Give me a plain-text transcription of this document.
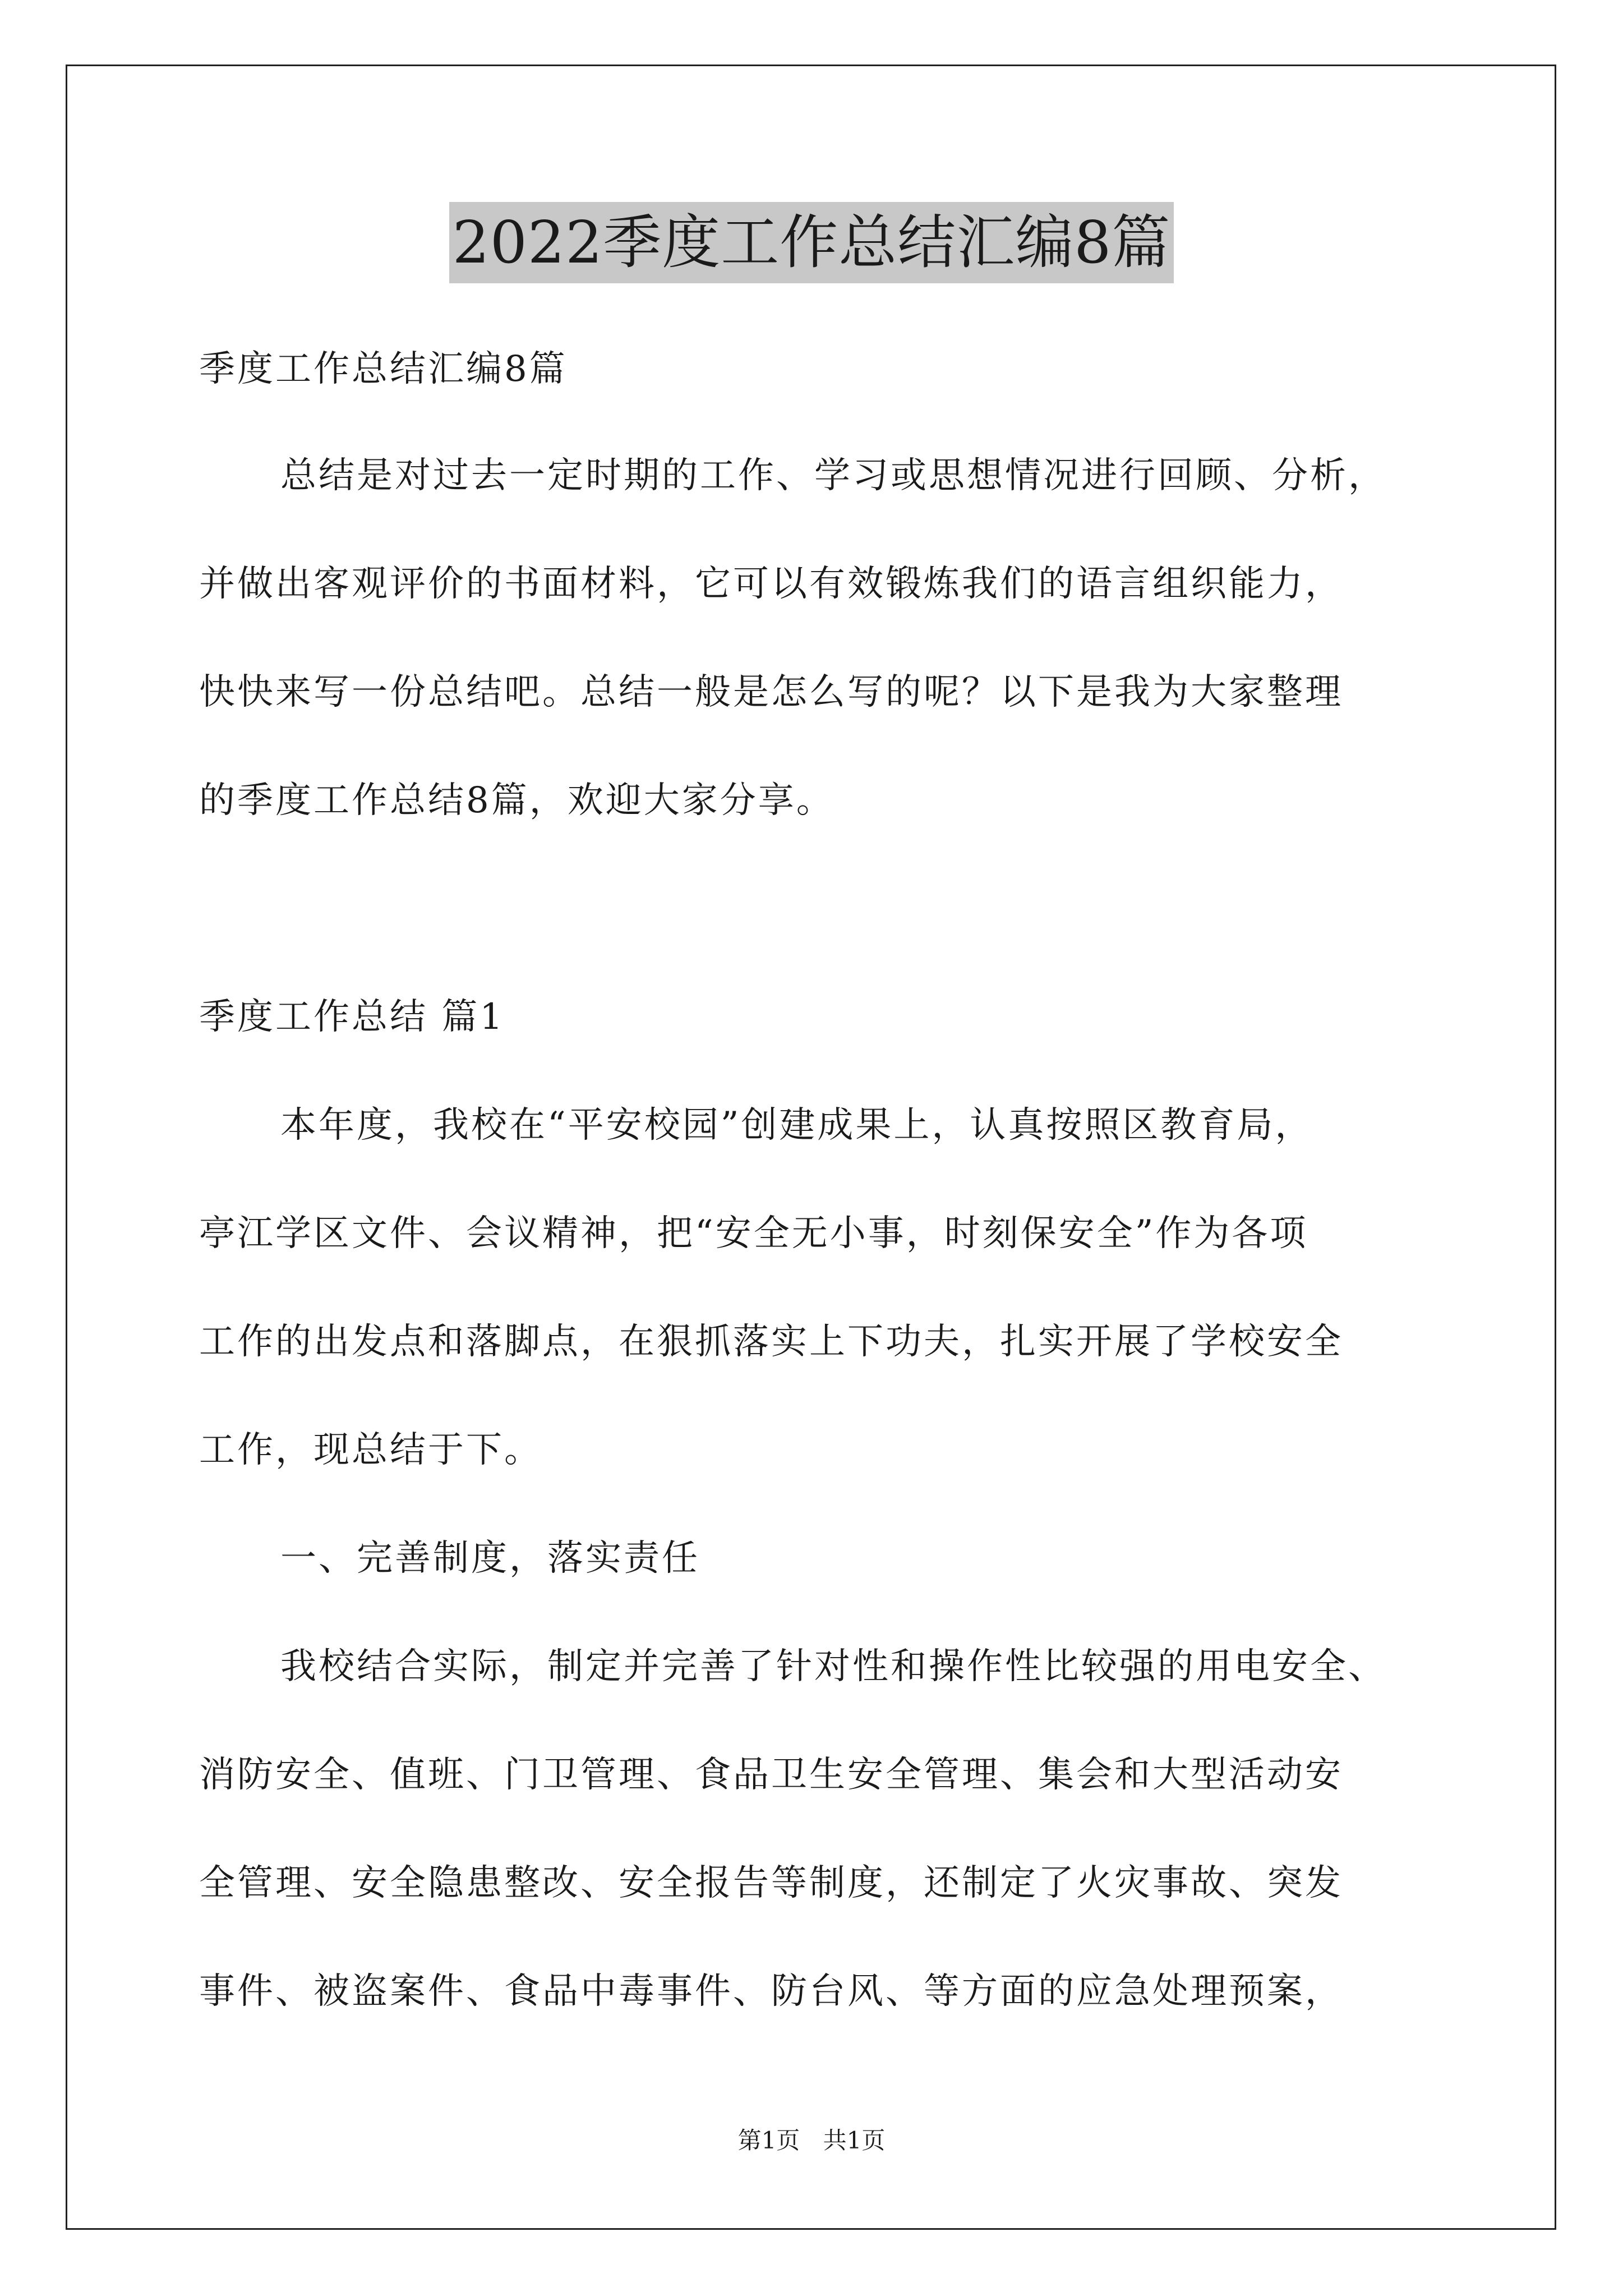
2022季度工作总结汇编8篇
季度工作总结汇编8篇
总结是对过去一定时期的工作、学习或思想情况进行回顾、分析，
并做出客观评价的书面材料，它可以有效锻炼我们的语言组织能力，
快快来写一份总结吧。总结一般是怎么写的呢？以下是我为大家整理
的季度工作总结8篇，欢迎大家分享。
季度工作总结 篇1
本年度，我校在“平安校园”创建成果上，认真按照区教育局，
亭江学区文件、会议精神，把“安全无小事，时刻保安全”作为各项
工作的出发点和落脚点，在狠抓落实上下功夫，扎实开展了学校安全
工作，现总结于下。
一、完善制度，落实责任
我校结合实际，制定并完善了针对性和操作性比较强的用电安全、
消防安全、值班、门卫管理、食品卫生安全管理、集会和大型活动安
全管理、安全隐患整改、安全报告等制度，还制定了火灾事故、突发
事件、被盗案件、食品中毒事件、防台风、等方面的应急处理预案，
第1页 共1页
